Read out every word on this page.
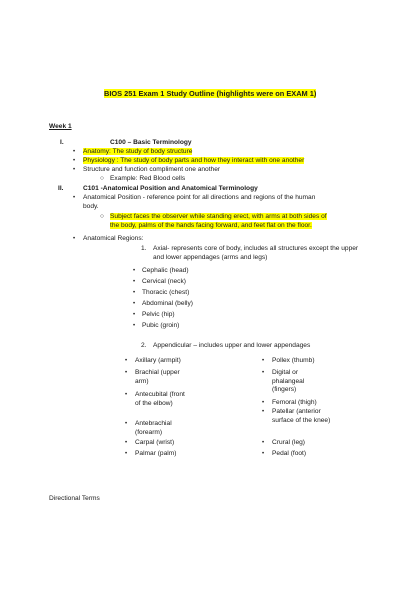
BIOS 251 Exam 1 Study Outline (highlights were on EXAM 1)
Week 1
I.	C100 – Basic Terminology
• Anatomy: The study of body structure
• Physiology : The study of body parts and how they interact with one another
• Structure and function compliment one another
○ Example: Red Blood cells
II.	C101 -Anatomical Position and Anatomical Terminology
• Anatomical Position - reference point for all directions and regions of the human
body.
○ Subject faces the observer while standing erect, with arms at both sides of
the body, palms of the hands facing forward, and feet flat on the floor.
• Anatomical Regions:
1. Axial- represents core of body, includes all structures except the upper
and lower appendages (arms and legs)
• Cephalic (head)
• Cervical (neck)
• Thoracic (chest)
• Abdominal (belly)
• Pelvic (hip)
• Pubic (groin)
2. Appendicular – includes upper and lower appendages
• Axillary (armpit)
• Brachial (upper arm)
• Antecubital (front of the elbow)
• Antebrachial (forearm)
• Carpal (wrist)
• Palmar (palm)
• Pollex (thumb)
• Digital or phalangeal (fingers)
• Femoral (thigh)
• Patellar (anterior surface of the knee)
• Crural (leg)
• Pedal (foot)
Directional Terms
